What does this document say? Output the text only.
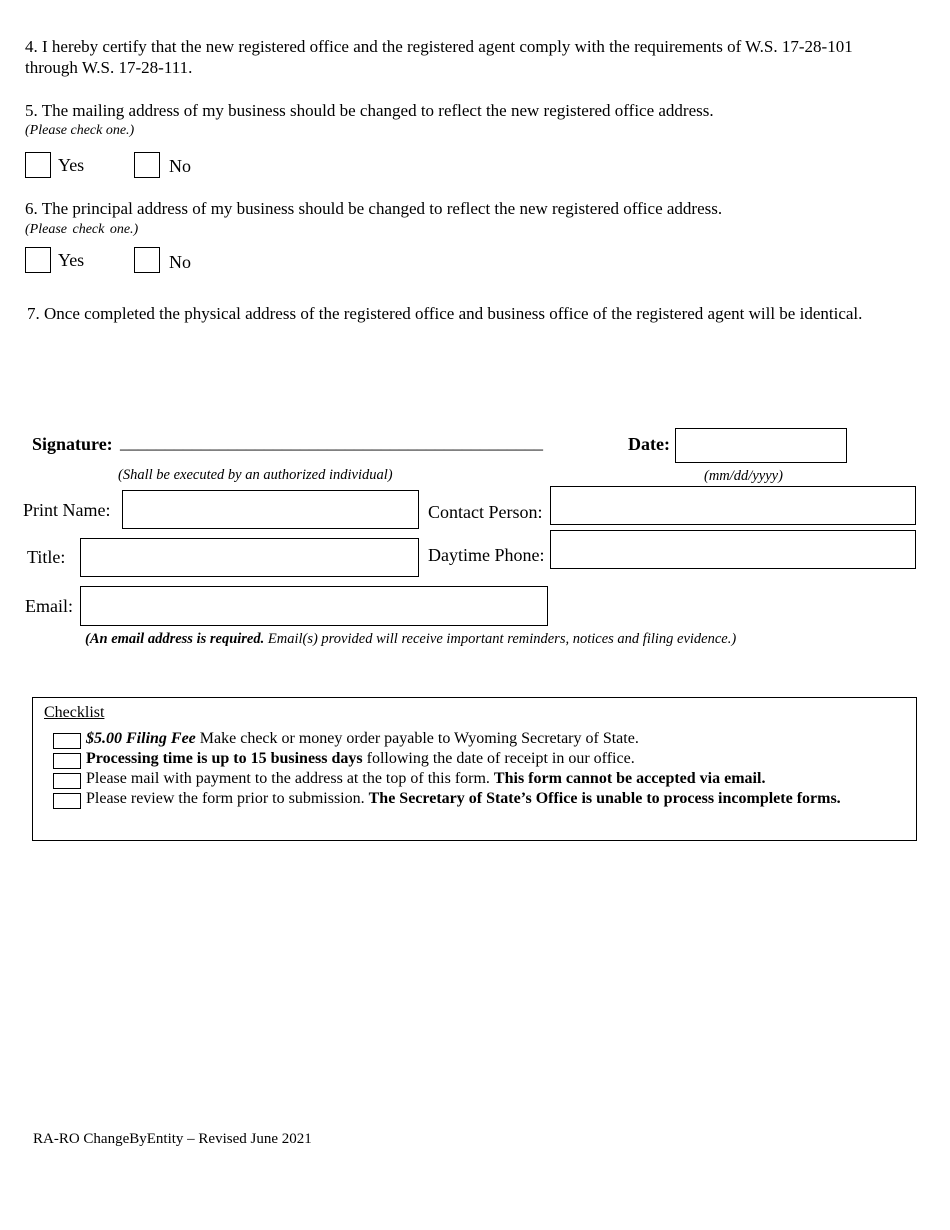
4. I hereby certify that the new registered office and the registered agent comply with the requirements of W.S. 17-28-101 through W.S. 17-28-111.
5. The mailing address of my business should be changed to reflect the new registered office address.
(Please check one.)
Yes	No
6. The principal address of my business should be changed to reflect the new registered office address.
(Please check one.)
Yes	No
7. Once completed the physical address of the registered office and business office of the registered agent will be identical.
Signature: _______________________________________________
(Shall be executed by an authorized individual)
Date:
(mm/dd/yyyy)
Print Name:	Contact Person:
Title:	Daytime Phone:
Email:
(An email address is required. Email(s) provided will receive important reminders, notices and filing evidence.)
Checklist
$5.00 Filing Fee Make check or money order payable to Wyoming Secretary of State.
Processing time is up to 15 business days following the date of receipt in our office.
Please mail with payment to the address at the top of this form. This form cannot be accepted via email.
Please review the form prior to submission. The Secretary of State’s Office is unable to process incomplete forms.
RA-RO ChangeByEntity – Revised June 2021
